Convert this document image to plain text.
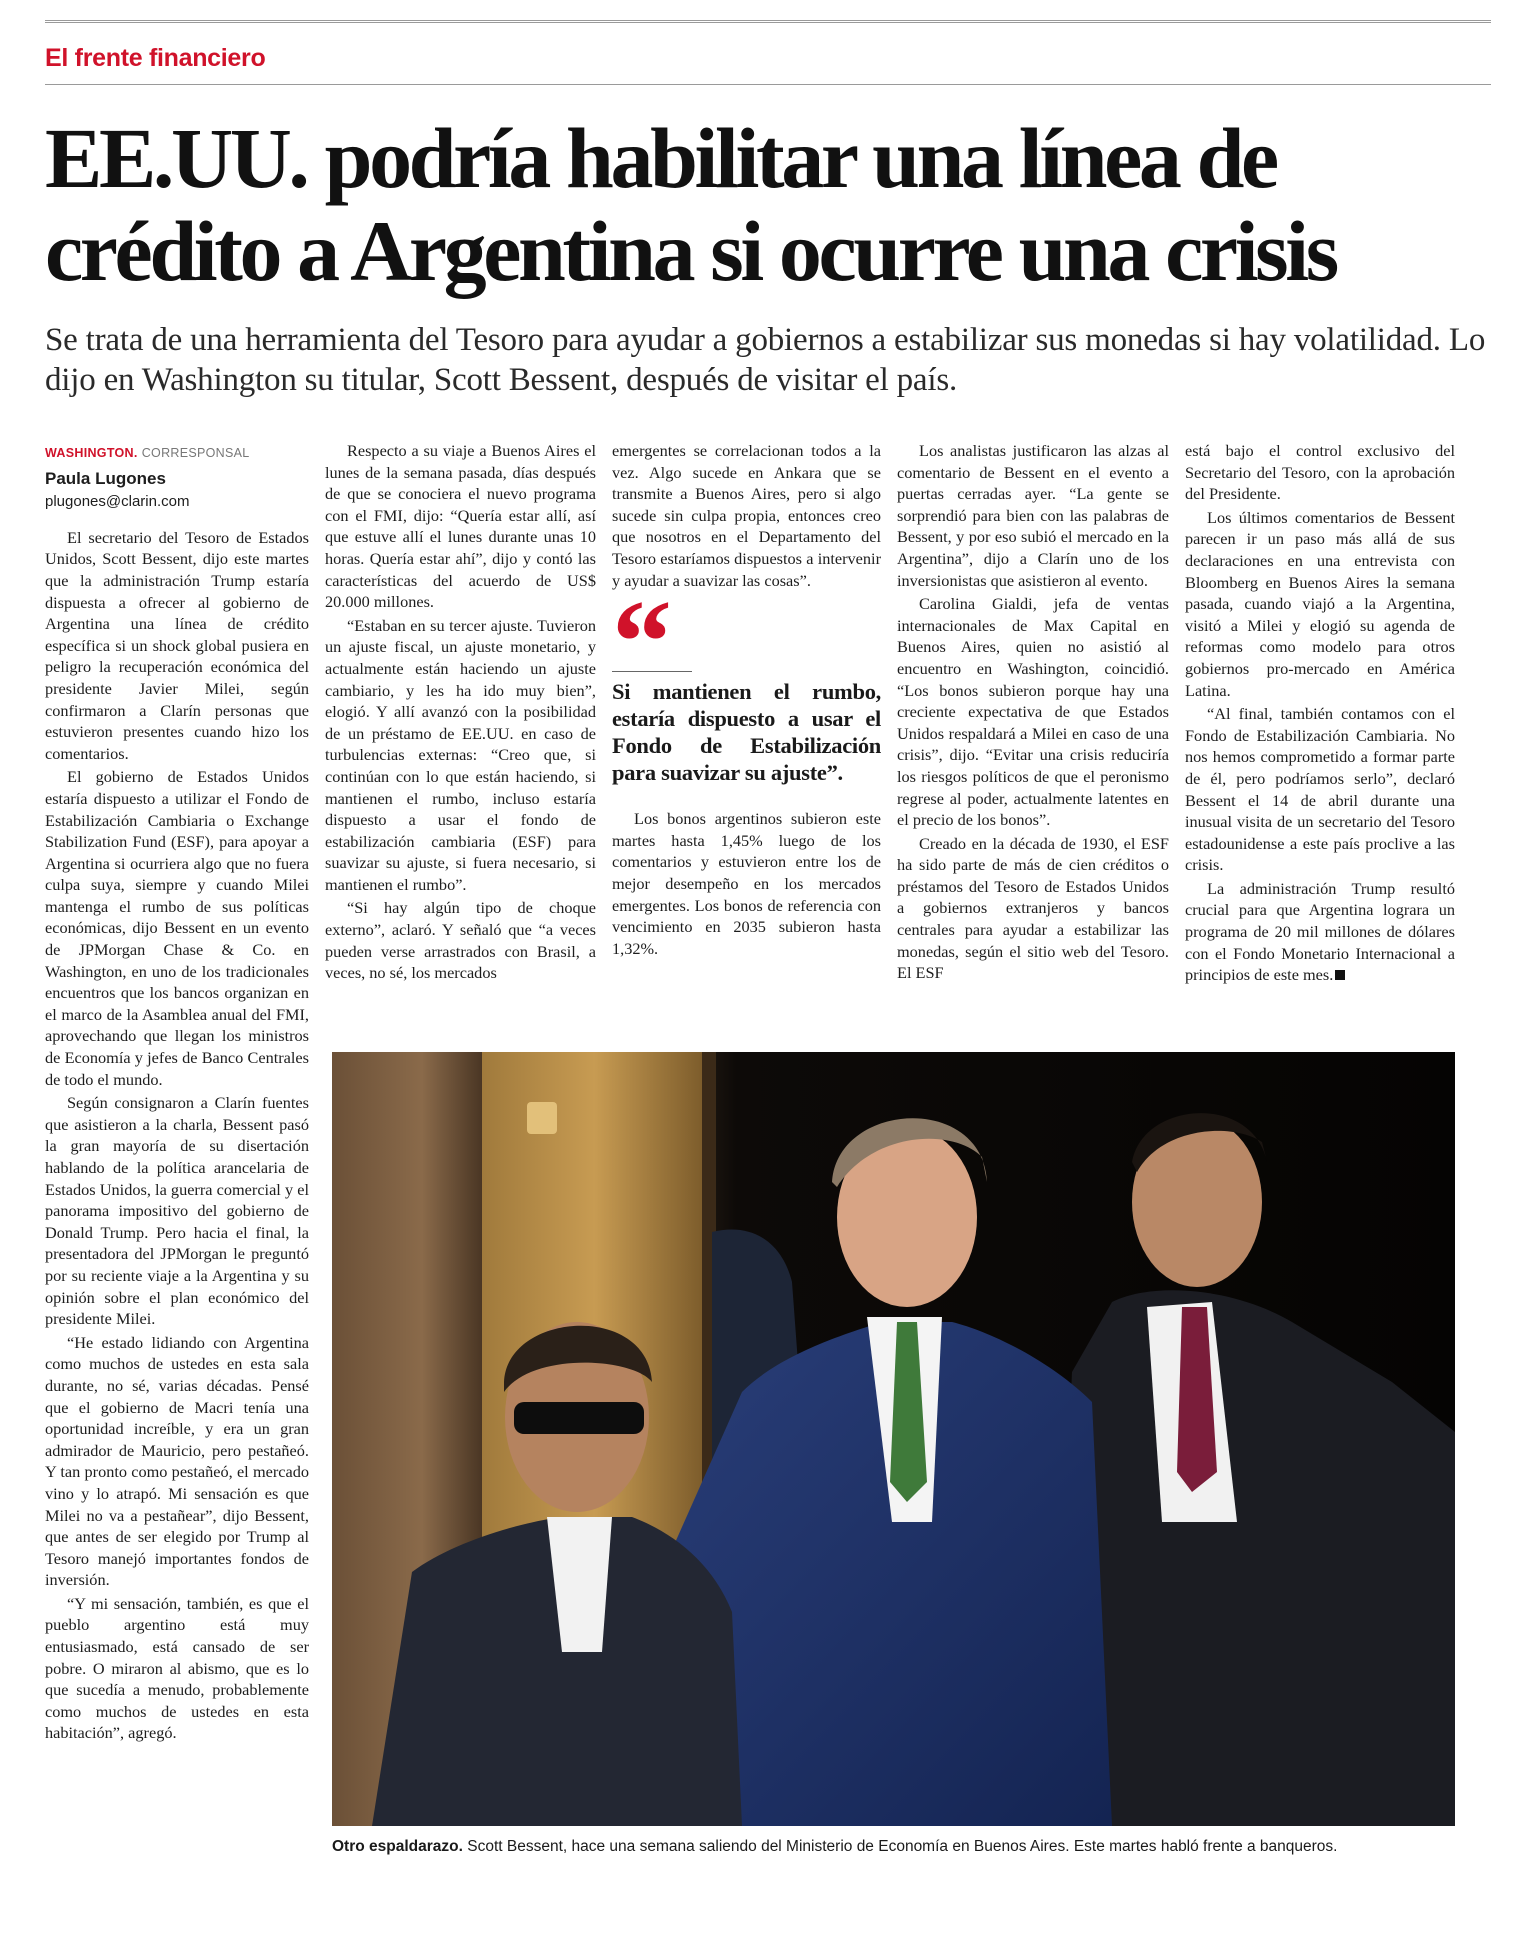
El frente financiero
EE.UU. podría habilitar una línea de crédito a Argentina si ocurre una crisis

Se trata de una herramienta del Tesoro para ayudar a gobiernos a estabilizar sus monedas si hay volatilidad. Lo dijo en Washington su titular, Scott Bessent, después de visitar el país.

WASHINGTON. CORRESPONSAL
Paula Lugones
plugones@clarin.com

El secretario del Tesoro de Estados Unidos, Scott Bessent, dijo este martes que la administración Trump estaría dispuesta a ofrecer al gobierno de Argentina una línea de crédito específica si un shock global pusiera en peligro la recuperación económica del presidente Javier Milei, según confirmaron a Clarín personas que estuvieron presentes cuando hizo los comentarios.

El gobierno de Estados Unidos estaría dispuesto a utilizar el Fondo de Estabilización Cambiaria o Exchange Stabilization Fund (ESF), para apoyar a Argentina si ocurriera algo que no fuera culpa suya, siempre y cuando Milei mantenga el rumbo de sus políticas económicas, dijo Bessent en un evento de JPMorgan Chase & Co. en Washington, en uno de los tradicionales encuentros que los bancos organizan en el marco de la Asamblea anual del FMI, aprovechando que llegan los ministros de Economía y jefes de Banco Centrales de todo el mundo.

Según consignaron a Clarín fuentes que asistieron a la charla, Bessent pasó la gran mayoría de su disertación hablando de la política arancelaria de Estados Unidos, la guerra comercial y el panorama impositivo del gobierno de Donald Trump. Pero hacia el final, la presentadora del JPMorgan le preguntó por su reciente viaje a la Argentina y su opinión sobre el plan económico del presidente Milei.

“He estado lidiando con Argentina como muchos de ustedes en esta sala durante, no sé, varias décadas. Pensé que el gobierno de Macri tenía una oportunidad increíble, y era un gran admirador de Mauricio, pero pestañeó. Y tan pronto como pestañeó, el mercado vino y lo atrapó. Mi sensación es que Milei no va a pestañear”, dijo Bessent, que antes de ser elegido por Trump al Tesoro manejó importantes fondos de inversión.

“Y mi sensación, también, es que el pueblo argentino está muy entusiasmado, está cansado de ser pobre. O miraron al abismo, que es lo que sucedía a menudo, probablemente como muchos de ustedes en esta habitación”, agregó.

Respecto a su viaje a Buenos Aires el lunes de la semana pasada, días después de que se conociera el nuevo programa con el FMI, dijo: “Quería estar allí, así que estuve allí el lunes durante unas 10 horas. Quería estar ahí”, dijo y contó las características del acuerdo de US$ 20.000 millones.

“Estaban en su tercer ajuste. Tuvieron un ajuste fiscal, un ajuste monetario, y actualmente están haciendo un ajuste cambiario, y les ha ido muy bien”, elogió. Y allí avanzó con la posibilidad de un préstamo de EE.UU. en caso de turbulencias externas: “Creo que, si continúan con lo que están haciendo, si mantienen el rumbo, incluso estaría dispuesto a usar el fondo de estabilización cambiaria (ESF) para suavizar su ajuste, si fuera necesario, si mantienen el rumbo”.

“Si hay algún tipo de choque externo”, aclaró. Y señaló que “a veces pueden verse arrastrados con Brasil, a veces, no sé, los mercados

emergentes se correlacionan todos a la vez. Algo sucede en Ankara que se transmite a Buenos Aires, pero si algo sucede sin culpa propia, entonces creo que nosotros en el Departamento del Tesoro estaríamos dispuestos a intervenir y ayudar a suavizar las cosas”.

“
Si mantienen el rumbo, estaría dispuesto a usar el Fondo de Estabilización para suavizar su ajuste”.

Los bonos argentinos subieron este martes hasta 1,45% luego de los comentarios y estuvieron entre los de mejor desempeño en los mercados emergentes. Los bonos de referencia con vencimiento en 2035 subieron hasta 1,32%.

Los analistas justificaron las alzas al comentario de Bessent en el evento a puertas cerradas ayer. “La gente se sorprendió para bien con las palabras de Bessent, y por eso subió el mercado en la Argentina”, dijo a Clarín uno de los inversionistas que asistieron al evento.

Carolina Gialdi, jefa de ventas internacionales de Max Capital en Buenos Aires, quien no asistió al encuentro en Washington, coincidió. “Los bonos subieron porque hay una creciente expectativa de que Estados Unidos respaldará a Milei en caso de una crisis”, dijo. “Evitar una crisis reduciría los riesgos políticos de que el peronismo regrese al poder, actualmente latentes en el precio de los bonos”.

Creado en la década de 1930, el ESF ha sido parte de más de cien créditos o préstamos del Tesoro de Estados Unidos a gobiernos extranjeros y bancos centrales para ayudar a estabilizar las monedas, según el sitio web del Tesoro. El ESF

está bajo el control exclusivo del Secretario del Tesoro, con la aprobación del Presidente.

Los últimos comentarios de Bessent parecen ir un paso más allá de sus declaraciones en una entrevista con Bloomberg en Buenos Aires la semana pasada, cuando viajó a la Argentina, visitó a Milei y elogió su agenda de reformas como modelo para otros gobiernos pro-mercado en América Latina.

“Al final, también contamos con el Fondo de Estabilización Cambiaria. No nos hemos comprometido a formar parte de él, pero podríamos serlo”, declaró Bessent el 14 de abril durante una inusual visita de un secretario del Tesoro estadounidense a este país proclive a las crisis.

La administración Trump resultó crucial para que Argentina lograra un programa de 20 mil millones de dólares con el Fondo Monetario Internacional a principios de este mes.

Otro espaldarazo. Scott Bessent, hace una semana saliendo del Ministerio de Economía en Buenos Aires. Este martes habló frente a banqueros.
